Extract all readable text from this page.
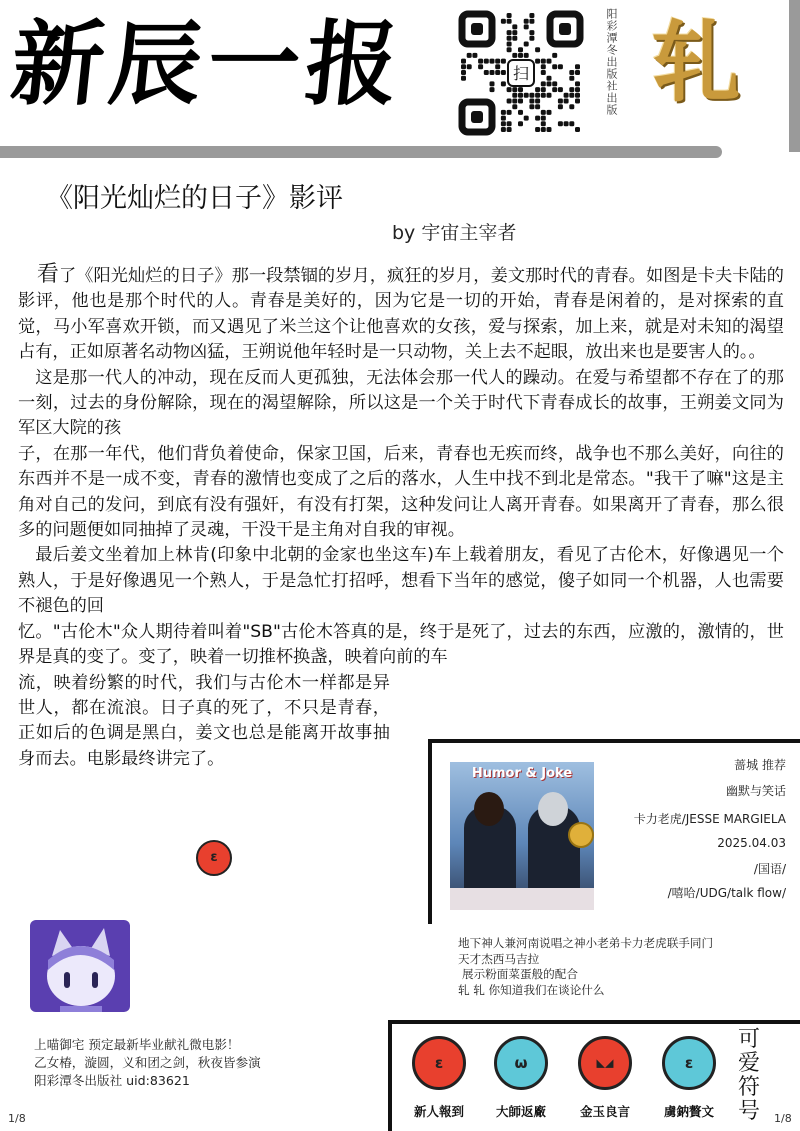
新辰一报	扫	阳彩潭冬出版社出版 轧
《阳光灿烂的日子》影评
by 宇宙主宰者

看了《阳光灿烂的日子》那一段禁锢的岁月，疯狂的岁月，姜文那时代的青春。如图是卡夫卡陆的影评，他也是那个时代的人。青春是美好的，因为它是一切的开始，青春是闲着的，是对探索的直觉，马小军喜欢开锁，而又遇见了米兰这个让他喜欢的女孩，爱与探索，加上来，就是对未知的渴望占有，正如原著名动物凶猛，王朔说他年轻时是一只动物，关上去不起眼，放出来也是要害人的。。

这是那一代人的冲动，现在反而人更孤独，无法体会那一代人的躁动。在爱与希望都不存在了的那一刻，过去的身份解除，现在的渴望解除，所以这是一个关于时代下青春成长的故事，王朔姜文同为军区大院的孩

子，在那一年代，他们背负着使命，保家卫国，后来，青春也无疾而终，战争也不那么美好，向往的东西并不是一成不变，青春的激情也变成了之后的落水，人生中找不到北是常态。"我干了嘛"这是主角对自己的发问，到底有没有强奸，有没有打架，这种发问让人离开青春。如果离开了青春，那么很多的问题便如同抽掉了灵魂，干没干是主角对自我的审视。

最后姜文坐着加上林肯(印象中北朝的金家也坐这车)车上载着朋友，看见了古伦木，好像遇见一个熟人，于是好像遇见一个熟人，于是急忙打招呼，想看下当年的感觉，傻子如同一个机器，人也需要不褪色的回

忆。"古伦木"众人期待着叫着"SB"古伦木答真的是，终于是死了，过去的东西，应激的，激情的，世界是真的变了。变了，映着一切推杯换盏，映着向前的车

流，映着纷繁的时代，我们与古伦木一样都是异世人，都在流浪。日子真的死了，不只是青春，正如后的色调是黑白，姜文也总是能离开故事抽身而去。电影最终讲完了。

ε
Humor & Joke
蔷城 推荐
幽默与笑话
卡力老虎/JESSE MARGIELA
2025.04.03
/国语/
/嘻哈/UDG/talk flow/
地下神人兼河南说唱之神小老弟卡力老虎联手同门
天才杰西马吉拉
展示粉面菜蛋般的配合
轧 轧 你知道我们在谈论什么
上喵御宅 预定最新毕业献礼微电影！
乙女椿，漩圆，义和团之剑，秋夜皆参演
阳彩潭冬出版社 uid:83621
ε
新人報到
ω
大師返廠
◣◢
金玉良言
ε
虜鈉贅文
可爱符号
1/8	1/8
